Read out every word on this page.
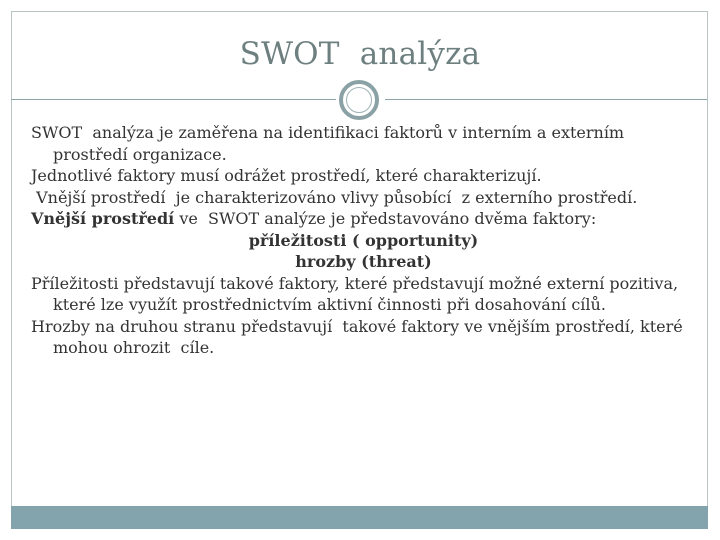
SWOT  analýza

SWOT  analýza je zaměřena na identifikaci faktorů v interním a externím prostředí organizace.

Jednotlivé faktory musí odrážet prostředí, které charakterizují.

Vnější prostředí  je charakterizováno vlivy působící  z externího prostředí.

Vnější prostředí ve  SWOT analýze je představováno dvěma faktory:

příležitosti ( opportunity)

hrozby (threat)

Příležitosti představují takové faktory, které představují možné externí pozitiva, které lze využít prostřednictvím aktivní činnosti při dosahování cílů.

Hrozby na druhou stranu představují  takové faktory ve vnějším prostředí, které mohou ohrozit  cíle.
